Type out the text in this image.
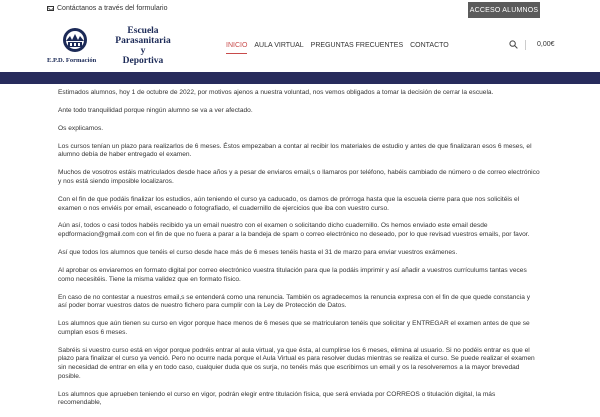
Contáctanos a través del formulario	ACCESO ALUMNOS
E.P.D. Formación
Escuela
Parasanitaria
y
Deportiva
INICIO AULA VIRTUAL PREGUNTAS FRECUENTES CONTACTO	0,00€

Estimados alumnos, hoy 1 de octubre de 2022, por motivos ajenos a nuestra voluntad, nos vemos obligados a tomar la decisión de cerrar la escuela.

Ante todo tranquilidad porque ningún alumno se va a ver afectado.

Os explicamos.

Los cursos tenían un plazo para realizarlos de 6 meses. Éstos empezaban a contar al recibir los materiales de estudio y antes de que finalizaran esos 6 meses, el alumno debía de haber entregado el examen.

Muchos de vosotros estáis matriculados desde hace años y a pesar de enviaros email,s o llamaros por teléfono, habéis cambiado de número o de correo electrónico y nos está siendo imposible localizaros.

Con el fin de que podáis finalizar los estudios, aún teniendo el curso ya caducado, os damos de prórroga hasta que la escuela cierre para que nos solicitéis el examen o nos enviéis por email, escaneado o fotografiado, el cuadernillo de ejercicios que iba con vuestro curso.

Aún así, todos o casi todos habéis recibido ya un email nuestro con el examen o solicitando dicho cuadernillo. Os hemos enviado este email desde epdformacion@gmail.com con el fin de que no fuera a parar a la bandeja de spam o correo electrónico no deseado, por lo que revisad vuestros emails, por favor.

Así que todos los alumnos que tenéis el curso desde hace más de 6 meses tenéis hasta el 31 de marzo para enviar vuestros exámenes.

Al aprobar os enviaremos en formato digital por correo electrónico vuestra titulación para que la podáis imprimir y así añadir a vuestros currículums tantas veces como necesitéis. Tiene la misma validez que en formato físico.

En caso de no contestar a nuestros email,s se entenderá como una renuncia. También os agradecemos la renuncia expresa con el fin de que quede constancia y así poder borrar vuestros datos de nuestro fichero para cumplir con la Ley de Protección de Datos.

Los alumnos que aún tienen su curso en vigor porque hace menos de 6 meses que se matricularon tenéis que solicitar y ENTREGAR el examen antes de que se cumplan esos 6 meses.

Sabréis si vuestro curso está en vigor porque podréis entrar al aula virtual, ya que ésta, al cumplirse los 6 meses, elimina al usuario. Si no podéis entrar es que el plazo para finalizar el curso ya venció. Pero no ocurre nada porque el Aula Virtual es para resolver dudas mientras se realiza el curso. Se puede realizar el examen sin necesidad de entrar en ella y en todo caso, cualquier duda que os surja, no tenéis más que escribirnos un email y os la resolveremos a la mayor brevedad posible.

Los alumnos que aprueben teniendo el curso en vigor, podrán elegir entre titulación física, que será enviada por CORREOS o titulación digital, la más recomendable,
